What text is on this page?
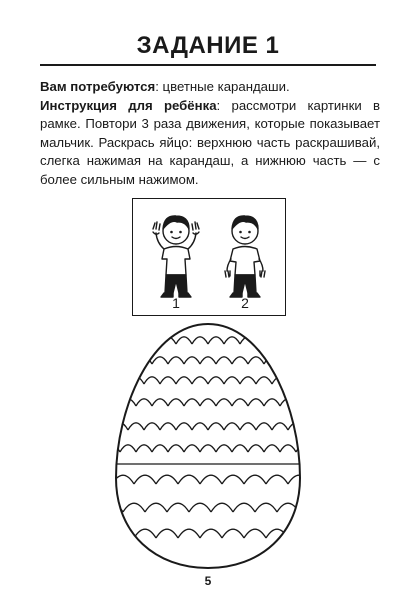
ЗАДАНИЕ 1

Вам потребуются: цветные карандаши.

Инструкция для ребёнка: рассмотри картинки в рамке. Повтори 3 раза движения, которые показывает мальчик. Раскрась яйцо: верхнюю часть раскрашивай, слегка нажимая на карандаш, а нижнюю часть — с более сильным нажимом.

1	2
5
